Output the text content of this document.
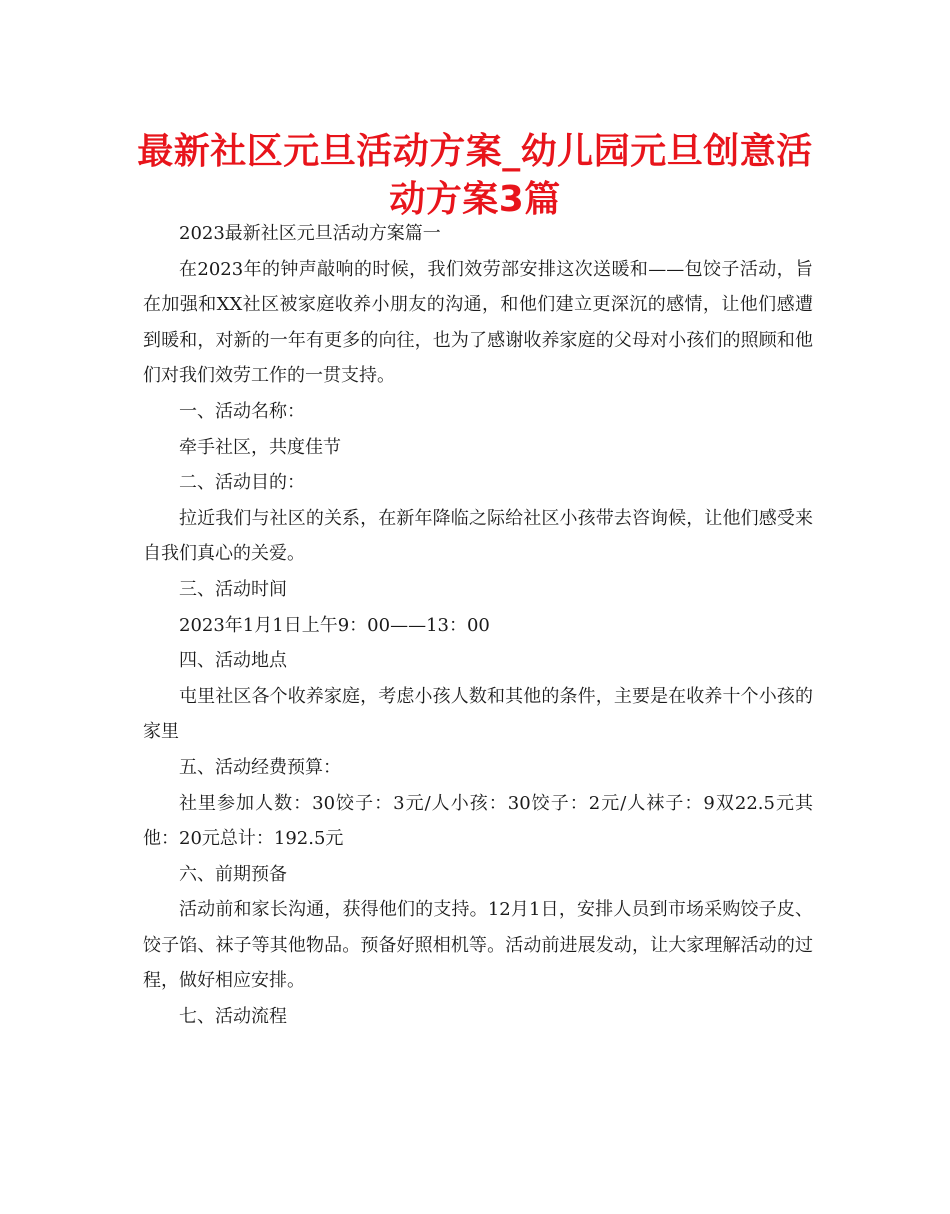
最新社区元旦活动方案_幼儿园元旦创意活动方案3篇

2023最新社区元旦活动方案篇一

在2023年的钟声敲响的时候，我们效劳部安排这次送暖和——包饺子活动，旨在加强和XX社区被家庭收养小朋友的沟通，和他们建立更深沉的感情，让他们感遭到暖和，对新的一年有更多的向往，也为了感谢收养家庭的父母对小孩们的照顾和他们对我们效劳工作的一贯支持。

一、活动名称：

牵手社区，共度佳节

二、活动目的：

拉近我们与社区的关系，在新年降临之际给社区小孩带去咨询候，让他们感受来自我们真心的关爱。

三、活动时间

2023年1月1日上午9：00——13：00

四、活动地点

屯里社区各个收养家庭，考虑小孩人数和其他的条件，主要是在收养十个小孩的家里

五、活动经费预算：

社里参加人数：30饺子：3元/人小孩：30饺子：2元/人袜子：9双22.5元其他：20元总计：192.5元

六、前期预备

活动前和家长沟通，获得他们的支持。12月1日，安排人员到市场采购饺子皮、饺子馅、袜子等其他物品。预备好照相机等。活动前进展发动，让大家理解活动的过程，做好相应安排。

七、活动流程
